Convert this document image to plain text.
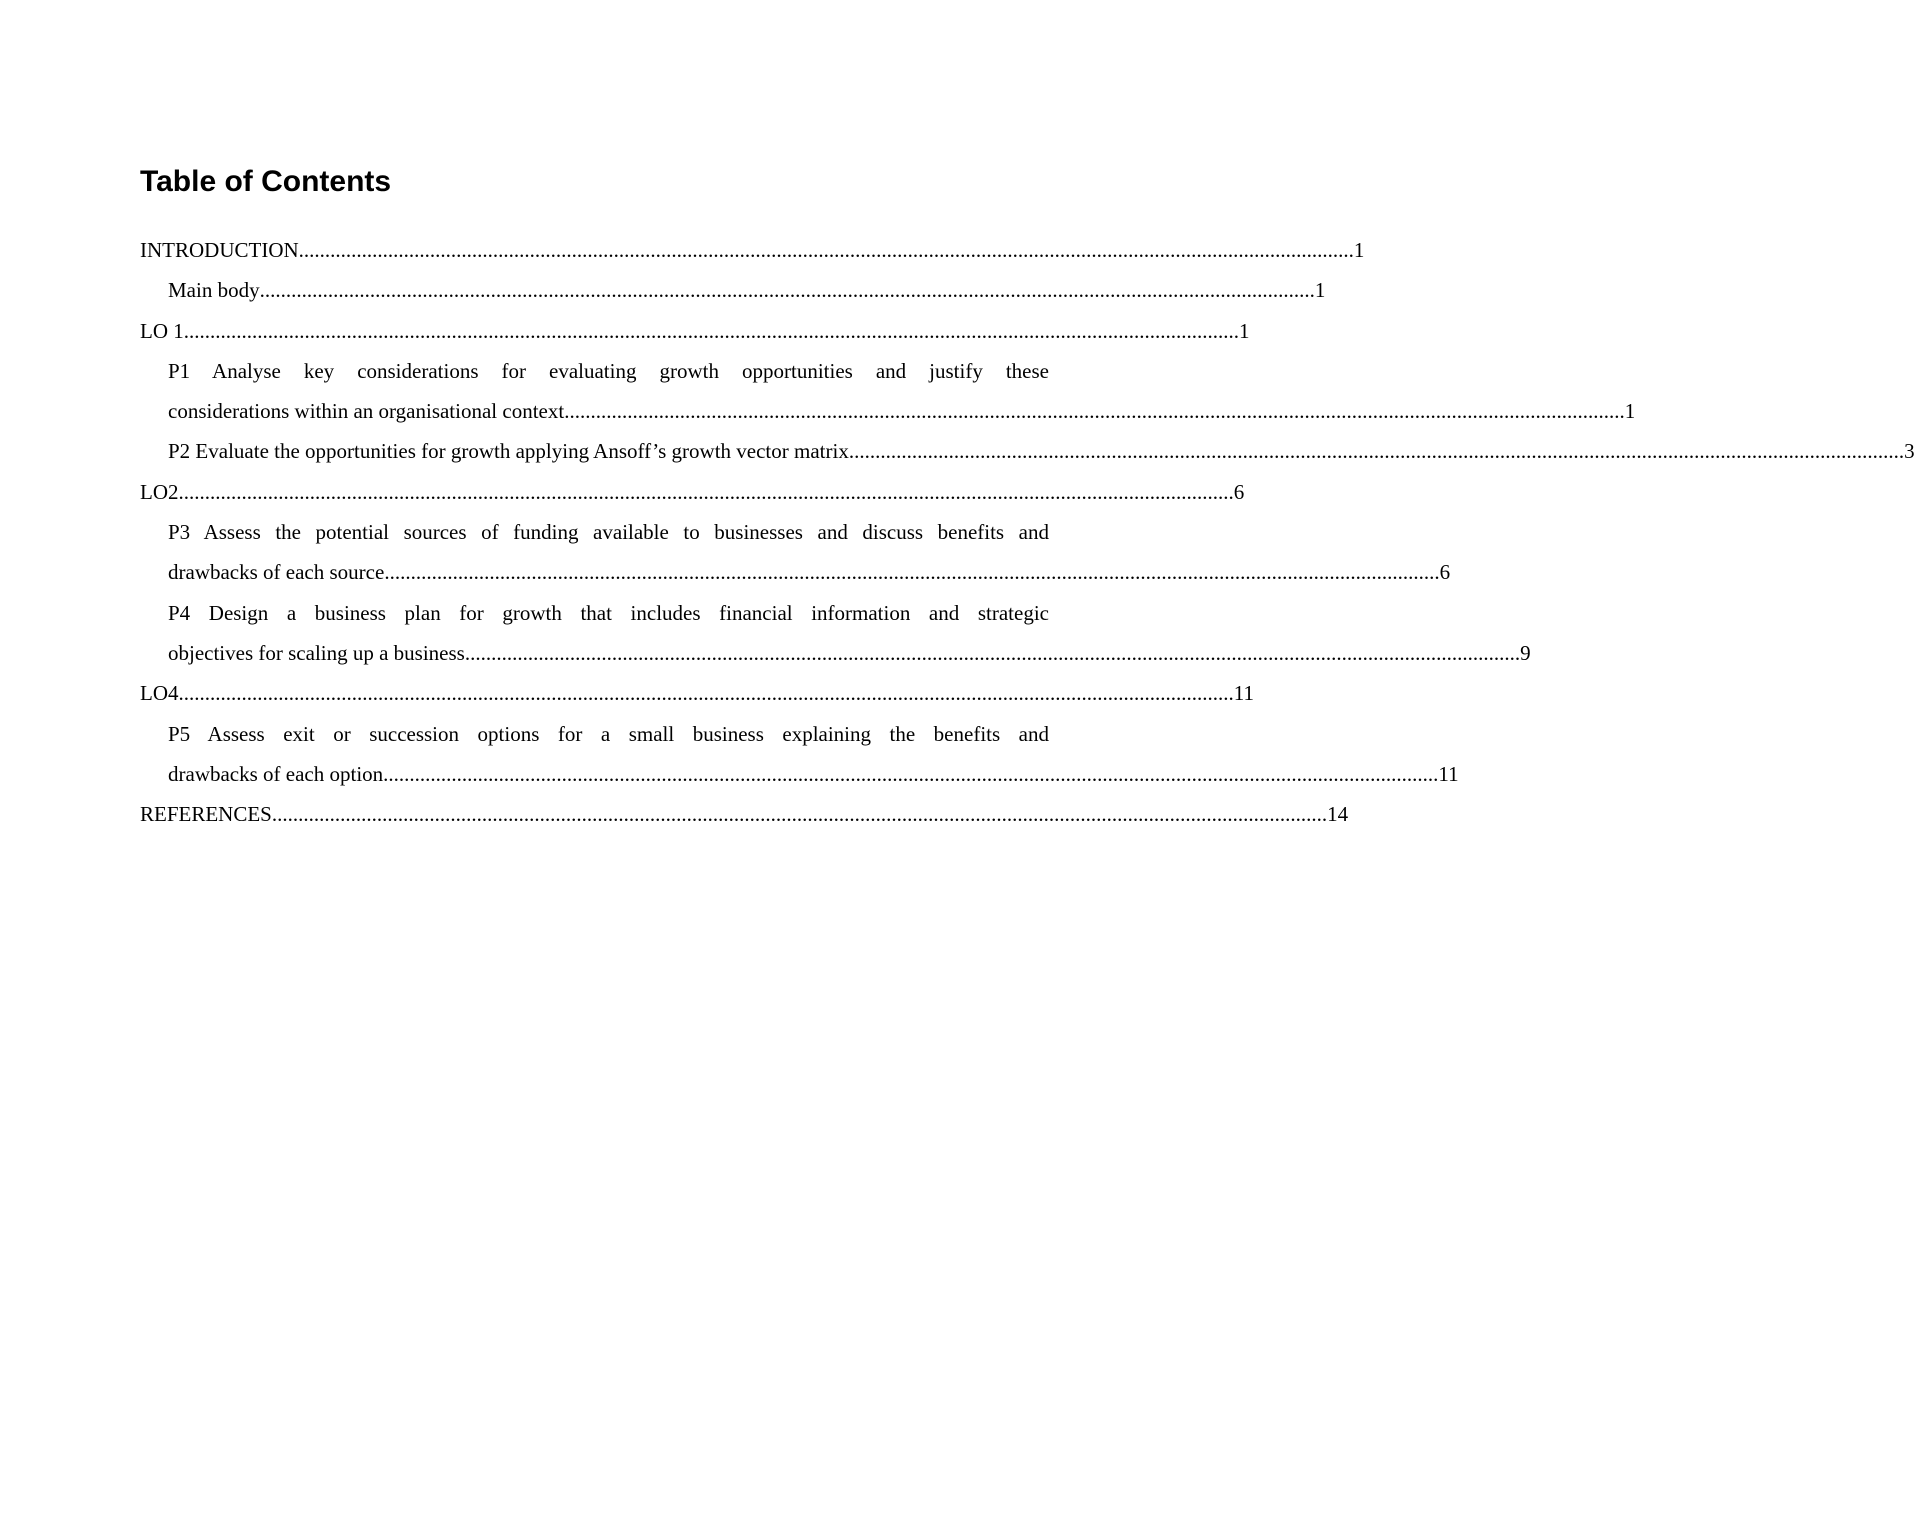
Table of Contents
INTRODUCTION ......................................................................................................................................................................................................... 1
Main body ......................................................................................................................................................................................................... 1
LO 1 ......................................................................................................................................................................................................... 1
P1 Analyse key considerations for evaluating growth opportunities and justify these
considerations within an organisational context. ......................................................................................................................................................................................................... 1
P2 Evaluate the opportunities for growth applying Ansoff’s growth vector matrix ......................................................................................................................................................................................................... 3
LO2 ......................................................................................................................................................................................................... 6
P3 Assess the potential sources of funding available to businesses and discuss benefits and
drawbacks of each source ......................................................................................................................................................................................................... 6
P4 Design a business plan for growth that includes financial information and strategic
objectives for scaling up a business ......................................................................................................................................................................................................... 9
LO4 ......................................................................................................................................................................................................... 11
P5 Assess exit or succession options for a small business explaining the benefits and
drawbacks of each option ......................................................................................................................................................................................................... 11
REFERENCES ......................................................................................................................................................................................................... 14
